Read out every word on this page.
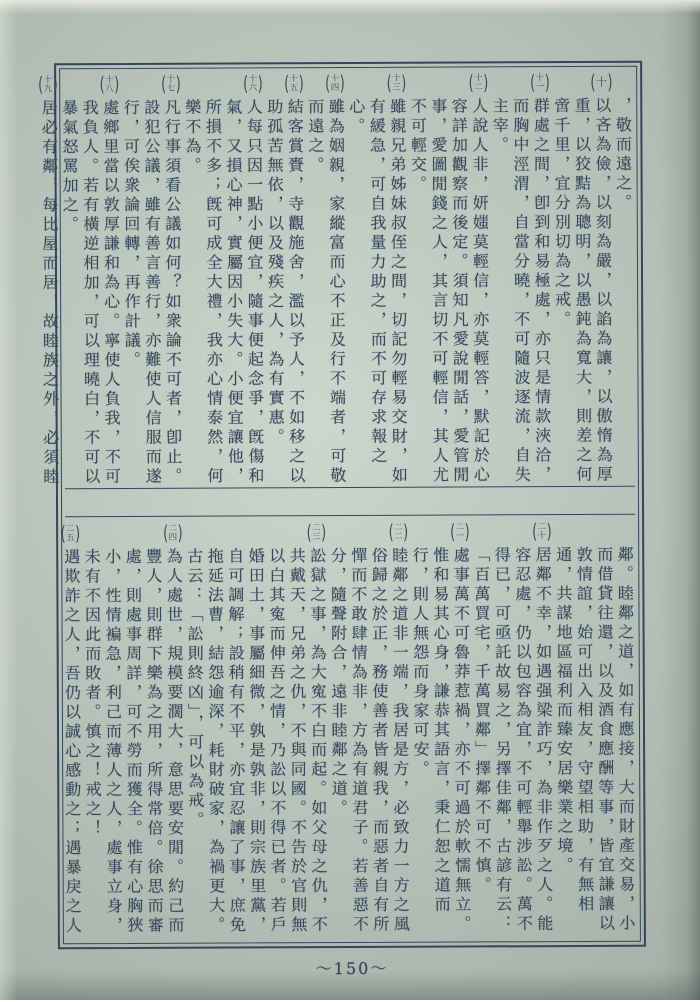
，敬而遠之。
( 十 )
以吝為儉，以刻為嚴，以諂為讓，以傲惰為厚重，以狡黠為聰明，以愚鈍為寬大，則差之何啻千里，宜分別切為之戒。
( 十
一 )
群處之間，卽到和易極處，亦只是情款浹洽，而胸中涇渭，自當分曉，不可隨波逐流，自失主宰。
( 十
二 )
人說人非，妍媸莫輕信，亦莫輕答，默記於心容詳加觀察而後定。須知凡愛說閒話，愛管閒事，愛圖閒錢之人，其言切不可輕信，其人尤不可輕交。
( 十
三 )
雖親兄弟姊妹叔侄之間，切記勿輕易交財，如有緩急，可自我量力助之，而不可存求報之心。
( 十
四 )
雖為姻親，家縱富而心不正及行不端者，可敬而遠之。
( 十
五 )
結客賞賚，寺觀施舍，濫以予人，不如移之以助孤苦無依，以及殘疾之人，為有實惠。
( 十
六 )
人每只因一點小便宜，隨事便起念爭，旣傷和氣，又損心神，實屬因小失大。小便宜讓他，所損不多；旣可成全大禮，我亦心情泰然，何樂不為。
( 十
七 )
凡行事須看公議如何？如衆論不可者，卽止。設犯公議，雖有善言善行，亦難使人信服而遂行，可俟衆論回轉，再作計議。
( 十
八 )
處鄉里當以敦厚謙和為心。寧使人負我，不可我負人。若有橫逆相加，可以理曉白，不可以暴氣怒罵加之。
( 十
九 )
居必有鄰，每比屋而居，故睦族之外，必須睦
鄰。睦鄰之道，如有應接，大而財產交易，小而借貸往還，以及酒食應酬等事，皆宜謙讓以敦情誼，始可出入相友，守望相助，有無相通，共謀地區福利而臻安居樂業之境。
( 二
十 )
居鄰不幸，如遇强梁詐巧，為非作歹之人。能容忍處，仍以包容為宜，不可輕舉涉訟。萬不得已，可亟託故易之，另擇佳鄰，古諺有云：「百萬買宅，千萬買鄰」擇鄰不可不慎。
( 二
一 )
處事萬不可魯莽惹禍，亦不可過於軟懦無立。惟和易其心身，謙恭其語言，秉仁恕之道而行，則人無怨而身家可安。
( 二
二 )
睦鄰之道非一端，我居是方，必致力一方之風俗歸之於正，務使善者皆親我，而惡者自有所憚而不敢肆情為非，方為有道君子。若善惡不分，隨聲附合，遠非睦鄰之道。
( 二
三 )
訟獄之事，為大寃不白而起。如父母之仇，不共戴天，兄弟之仇，不與同國。不告於官則無以白其寃而伸吾之情，乃訟以不得已者。若戶婚田土，事屬細微，孰是孰非，則宗族里黨，自可調解；設稍有不平，亦宜忍讓了事，庶免拖延法曹，結怨逾深，耗財破家，為禍更大。古云：「訟則終凶」，可以為戒。
( 二
四 )
為人處世，規模要濶大，意思要安閒。約己而豐人，則群下樂為之用，所得常倍。徐思而審處，則處事周詳，可不勞而獲全。惟有心胸狹小，性情褊急，利己而薄人之人，處事立身，未有不因此而敗者。慎之！戒之！
( 二
五 )
遇欺詐之人，吾仍以誠心感動之；遇暴戾之人
～150～
